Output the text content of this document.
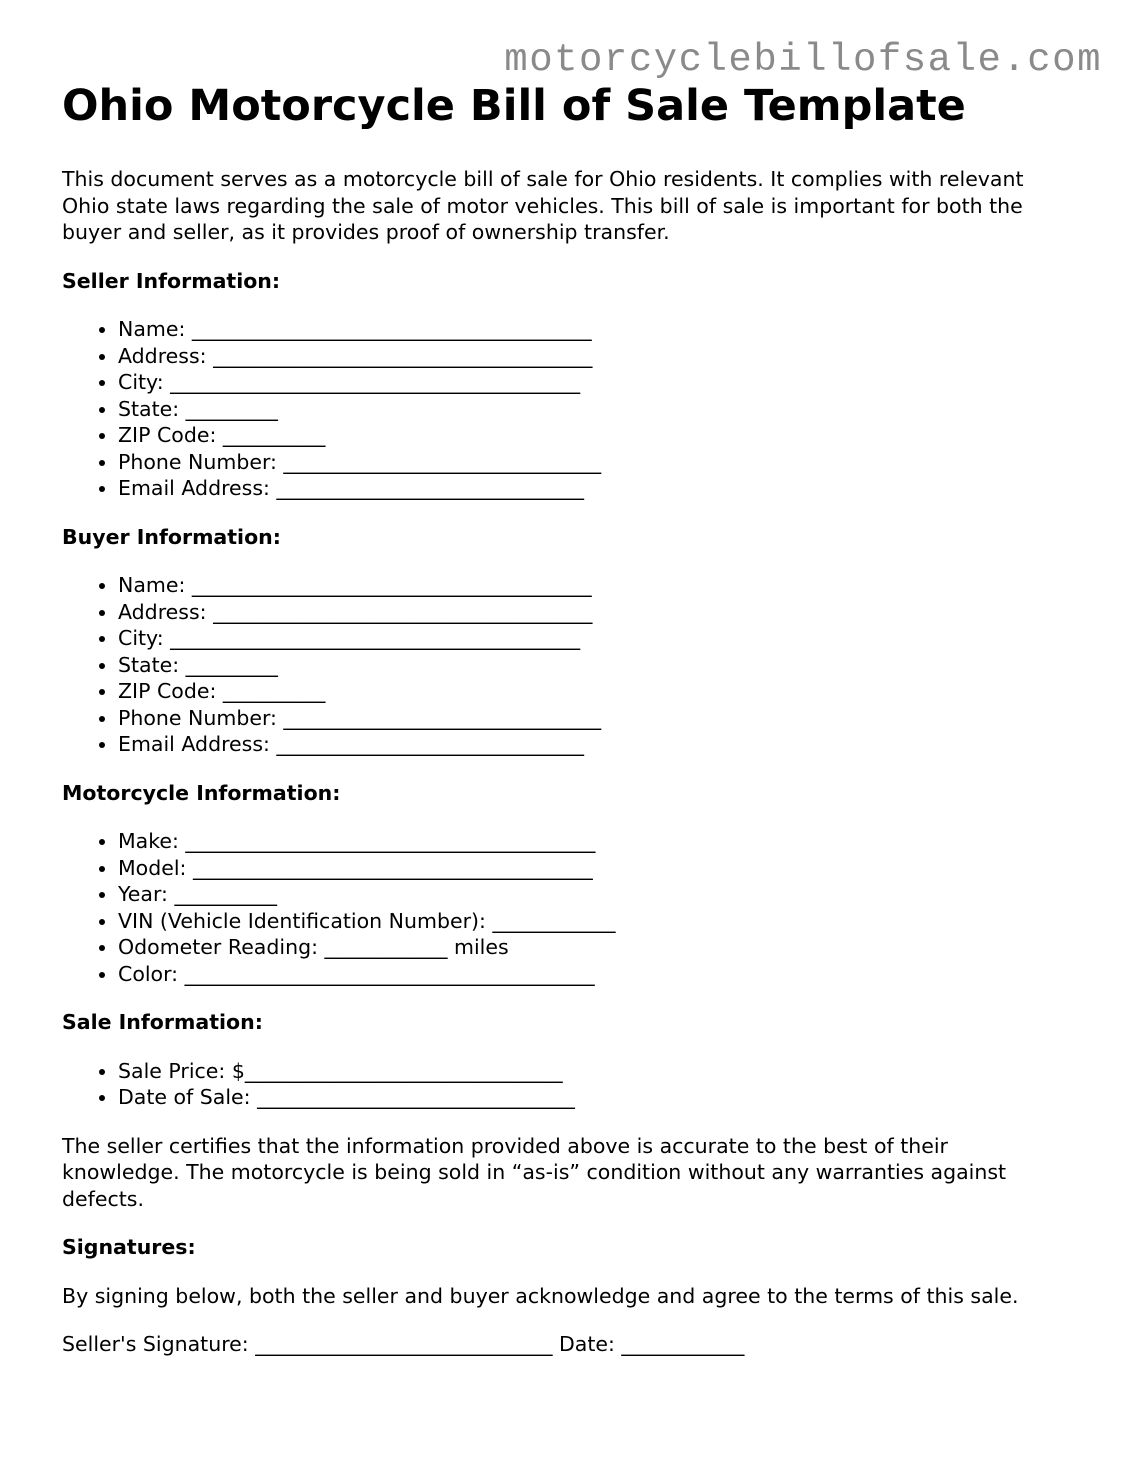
motorcyclebillofsale.com
Ohio Motorcycle Bill of Sale Template

This document serves as a motorcycle bill of sale for Ohio residents. It complies with relevant Ohio state laws regarding the sale of motor vehicles. This bill of sale is important for both the buyer and seller, as it provides proof of ownership transfer.

Seller Information:
• Name: _______________________________________
• Address: _____________________________________
• City: ________________________________________
• State: _________
• ZIP Code: __________
• Phone Number: _______________________________
• Email Address: ______________________________
Buyer Information:
• Name: _______________________________________
• Address: _____________________________________
• City: ________________________________________
• State: _________
• ZIP Code: __________
• Phone Number: _______________________________
• Email Address: ______________________________
Motorcycle Information:
• Make: ________________________________________
• Model: _______________________________________
• Year: __________
• VIN (Vehicle Identification Number): ____________
• Odometer Reading: ____________ miles
• Color: ________________________________________
Sale Information:
• Sale Price: $_______________________________
• Date of Sale: _______________________________

The seller certifies that the information provided above is accurate to the best of their knowledge. The motorcycle is being sold in “as-is” condition without any warranties against defects.

Signatures:

By signing below, both the seller and buyer acknowledge and agree to the terms of this sale.

Seller's Signature: _____________________________ Date: ____________
